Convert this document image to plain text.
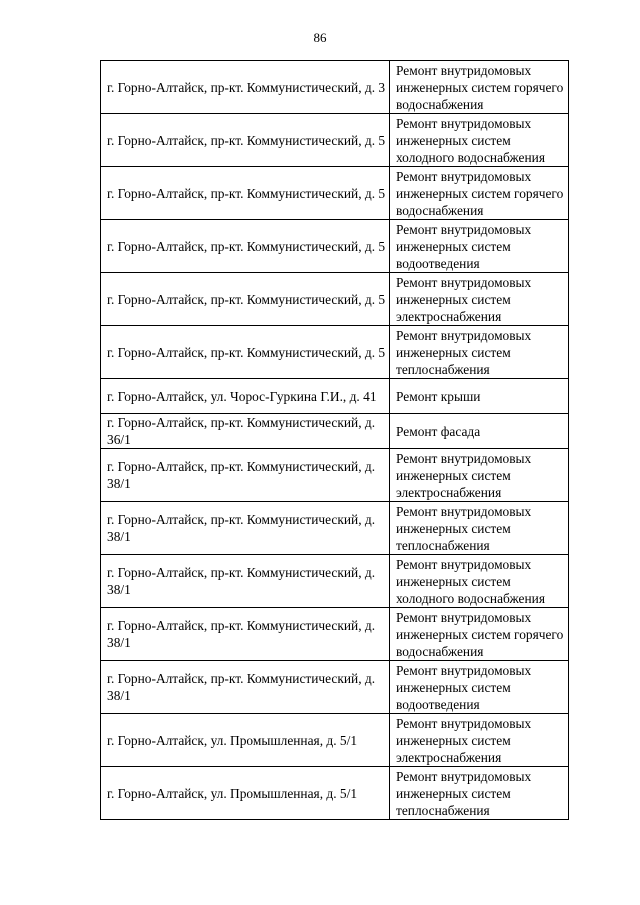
86
г. Горно-Алтайск, пр-кт. Коммунистический, д. 3	Ремонт внутридомовых инженерных систем горячего водоснабжения
г. Горно-Алтайск, пр-кт. Коммунистический, д. 5	Ремонт внутридомовых инженерных систем холодного водоснабжения
г. Горно-Алтайск, пр-кт. Коммунистический, д. 5	Ремонт внутридомовых инженерных систем горячего водоснабжения
г. Горно-Алтайск, пр-кт. Коммунистический, д. 5	Ремонт внутридомовых инженерных систем водоотведения
г. Горно-Алтайск, пр-кт. Коммунистический, д. 5	Ремонт внутридомовых инженерных систем электроснабжения
г. Горно-Алтайск, пр-кт. Коммунистический, д. 5	Ремонт внутридомовых инженерных систем теплоснабжения
г. Горно-Алтайск, ул. Чорос-Гуркина Г.И., д. 41	Ремонт крыши
г. Горно-Алтайск, пр-кт. Коммунистический, д. 36/1	Ремонт фасада
г. Горно-Алтайск, пр-кт. Коммунистический, д. 38/1	Ремонт внутридомовых инженерных систем электроснабжения
г. Горно-Алтайск, пр-кт. Коммунистический, д. 38/1	Ремонт внутридомовых инженерных систем теплоснабжения
г. Горно-Алтайск, пр-кт. Коммунистический, д. 38/1	Ремонт внутридомовых инженерных систем холодного водоснабжения
г. Горно-Алтайск, пр-кт. Коммунистический, д. 38/1	Ремонт внутридомовых инженерных систем горячего водоснабжения
г. Горно-Алтайск, пр-кт. Коммунистический, д. 38/1	Ремонт внутридомовых инженерных систем водоотведения
г. Горно-Алтайск, ул. Промышленная, д. 5/1	Ремонт внутридомовых инженерных систем электроснабжения
г. Горно-Алтайск, ул. Промышленная, д. 5/1	Ремонт внутридомовых инженерных систем теплоснабжения
